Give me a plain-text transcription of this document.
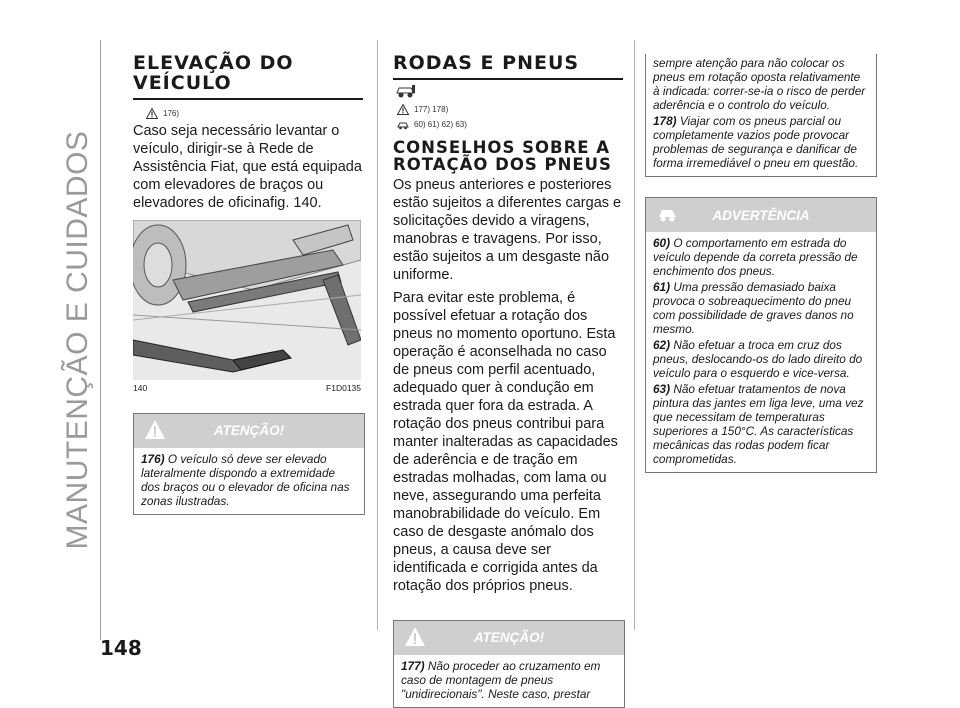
MANUTENÇÃO E CUIDADOS
148
ELEVAÇÃO DO
VEÍCULO
176)

Caso seja necessário levantar o veículo, dirigir-se à Rede de Assistência Fiat, que está equipada com elevadores de braços ou elevadores de oficinafig. 140.

140	F1D0135
ATENÇÃO!

176) O veículo só deve ser elevado lateralmente dispondo a extremidade dos braços ou o elevador de oficina nas zonas ilustradas.

RODAS E PNEUS
177) 178)
60) 61) 62) 63)
CONSELHOS SOBRE A
ROTAÇÃO DOS PNEUS

Os pneus anteriores e posteriores estão sujeitos a diferentes cargas e solicitações devido a viragens, manobras e travagens. Por isso, estão sujeitos a um desgaste não uniforme.

Para evitar este problema, é possível efetuar a rotação dos pneus no momento oportuno. Esta operação é aconselhada no caso de pneus com perfil acentuado, adequado quer à condução em estrada quer fora da estrada. A rotação dos pneus contribui para manter inalteradas as capacidades de aderência e de tração em estradas molhadas, com lama ou neve, assegurando uma perfeita manobrabilidade do veículo. Em caso de desgaste anómalo dos pneus, a causa deve ser identificada e corrigida antes da rotação dos próprios pneus.

ATENÇÃO!

177) Não proceder ao cruzamento em caso de montagem de pneus "unidirecionais". Neste caso, prestar

sempre atenção para não colocar os pneus em rotação oposta relativamente à indicada: correr-se-ia o risco de perder aderência e o controlo do veículo.

178) Viajar com os pneus parcial ou completamente vazios pode provocar problemas de segurança e danificar de forma irremediável o pneu em questão.

ADVERTÊNCIA

60) O comportamento em estrada do veículo depende da correta pressão de enchimento dos pneus.

61) Uma pressão demasiado baixa provoca o sobreaquecimento do pneu com possibilidade de graves danos no mesmo.

62) Não efetuar a troca em cruz dos pneus, deslocando-os do lado direito do veículo para o esquerdo e vice-versa.

63) Não efetuar tratamentos de nova pintura das jantes em liga leve, uma vez que necessitam de temperaturas superiores a 150°C. As características mecânicas das rodas podem ficar comprometidas.
